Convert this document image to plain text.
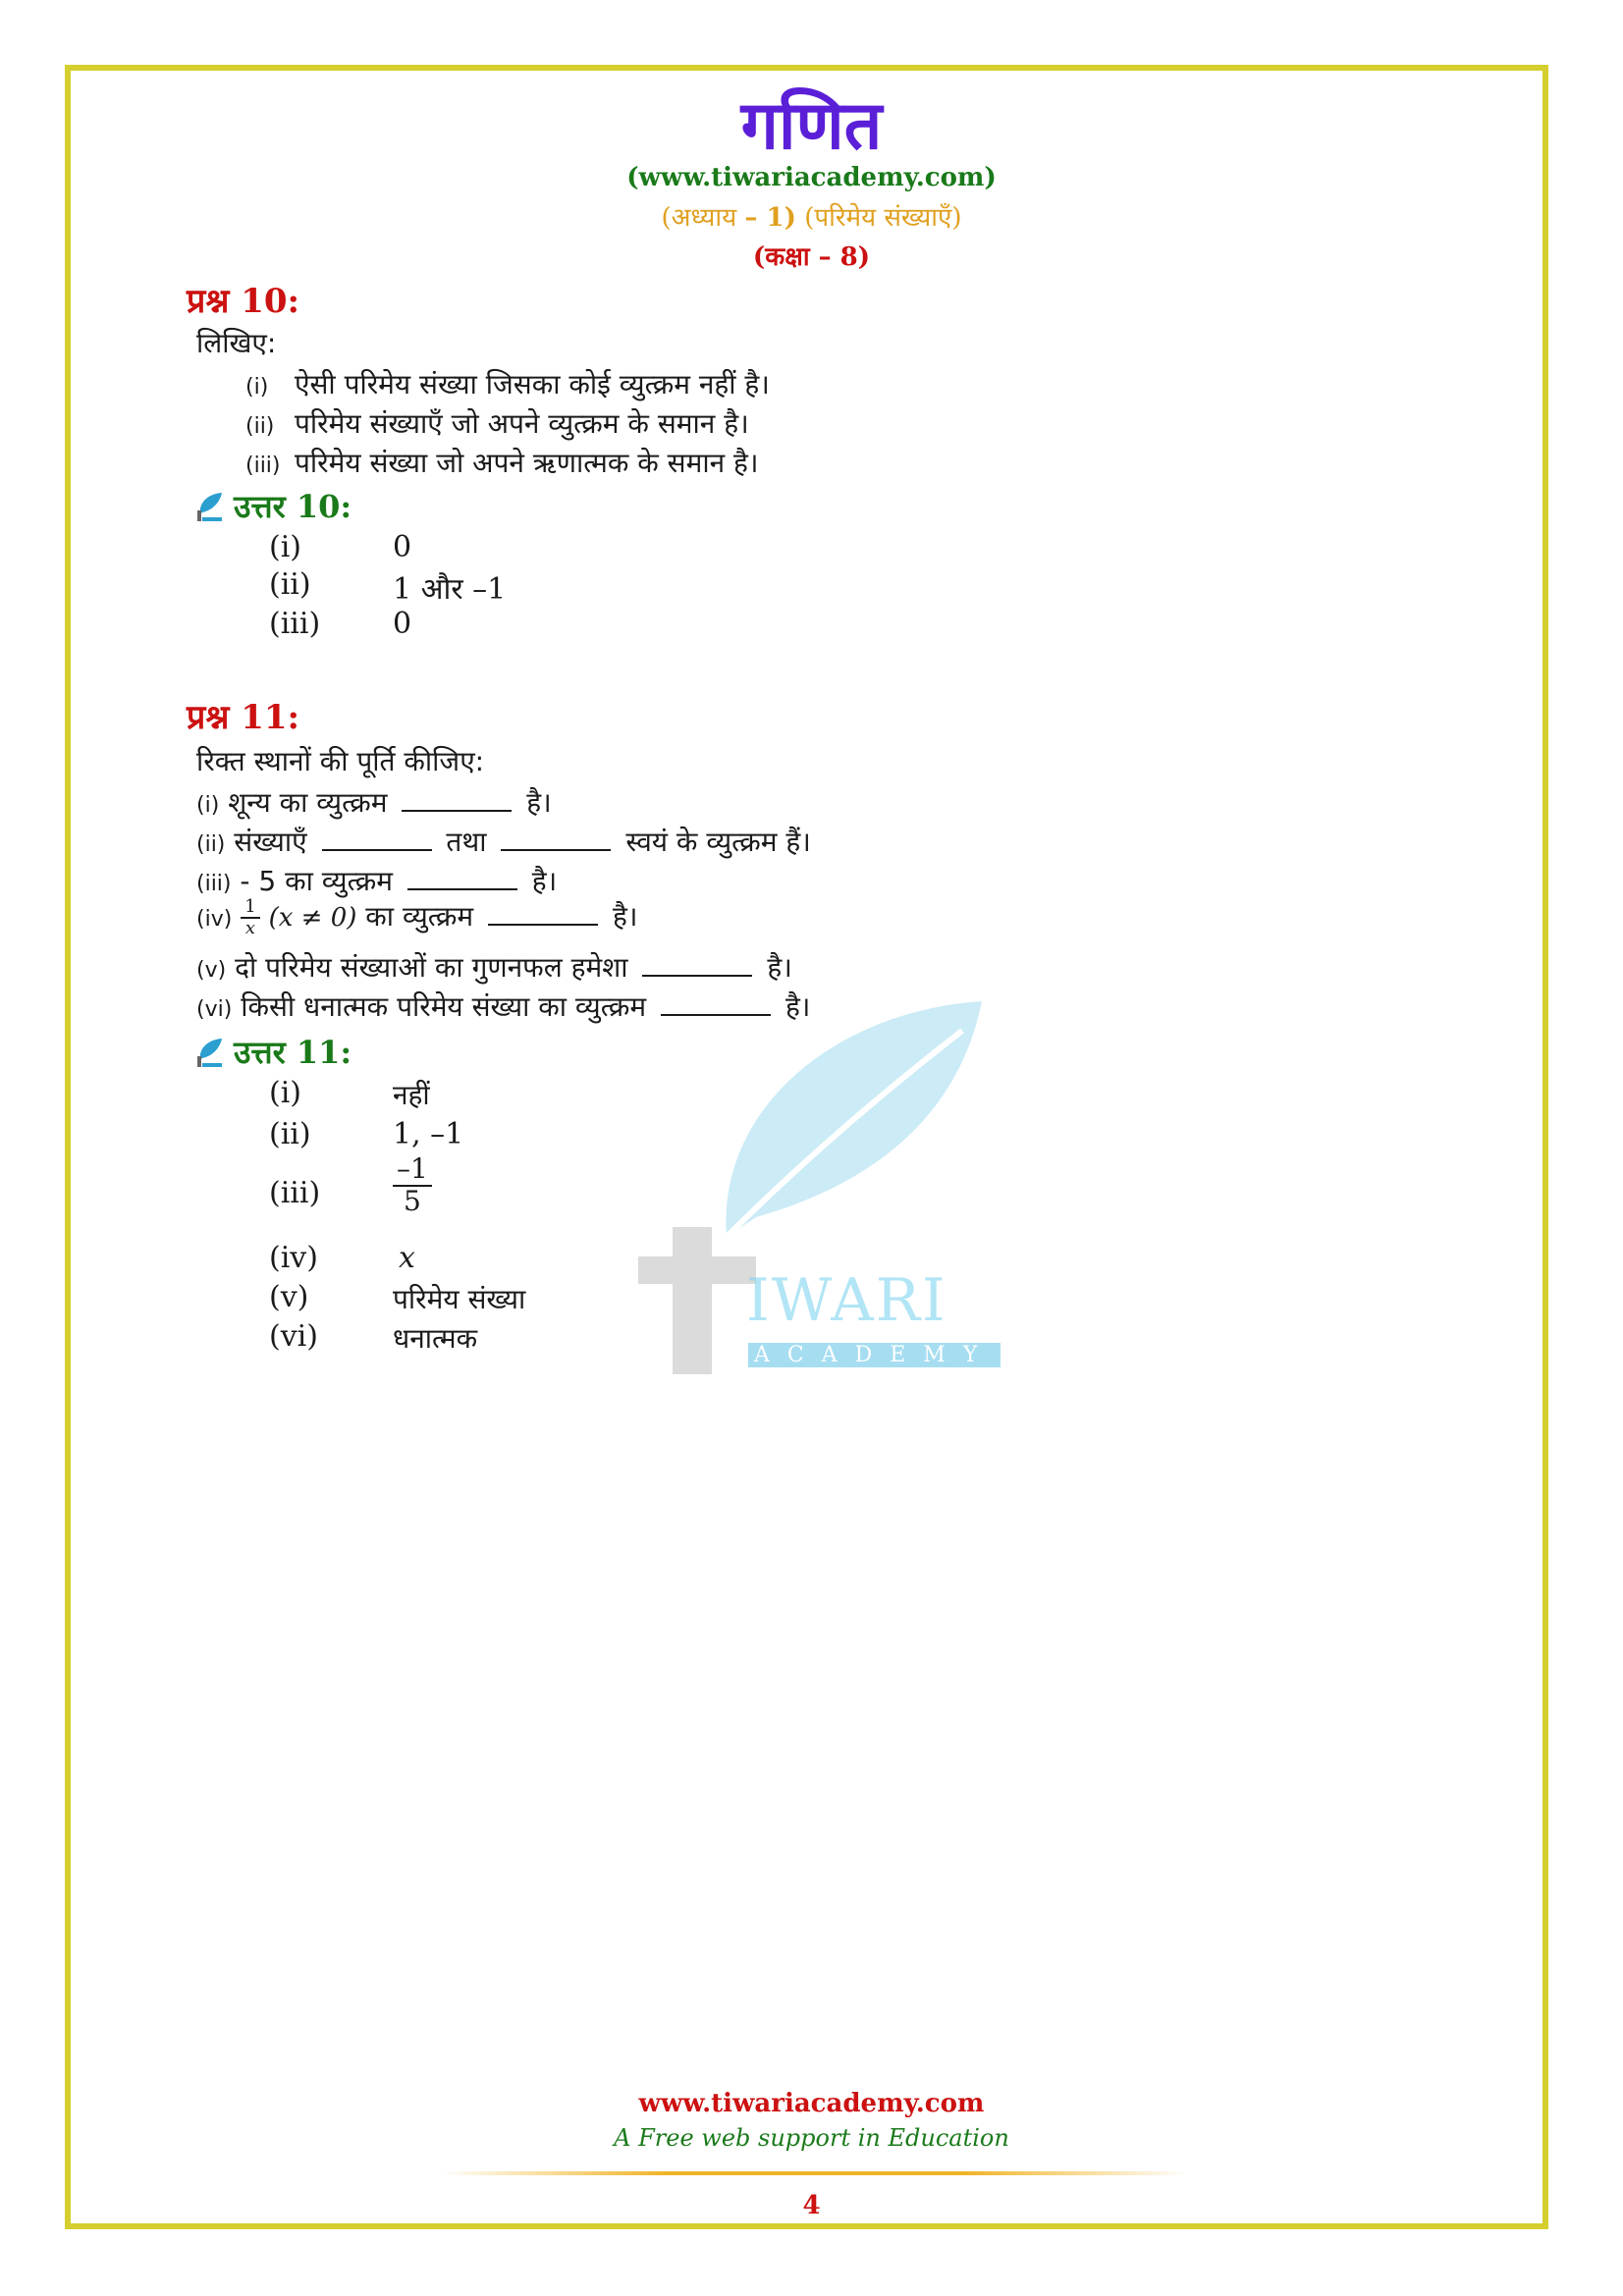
IWARI
ACADEMY
गणित
(www.tiwariacademy.com)
(अध्याय – 1) (परिमेय संख्याएँ)
(कक्षा – 8)
प्रश्न 10:
लिखिए:
(i) ऐसी परिमेय संख्या जिसका कोई व्युत्क्रम नहीं है।
(ii) परिमेय संख्याएँ जो अपने व्युत्क्रम के समान है।
(iii) परिमेय संख्या जो अपने ऋणात्मक के समान है।
उत्तर 10:
(i)	0
(ii)	1 और –1
(iii) 0
प्रश्न 11:
रिक्त स्थानों की पूर्ति कीजिए:
(i) शून्य का व्युत्क्रम	है।
(ii) संख्याएँ	तथा	स्वयं के व्युत्क्रम हैं।
(iii) - 5 का व्युत्क्रम	है।
$(iv) \frac{1}{x} (x \ne 0)$ का व्युत्क्रम	है।
(v) दो परिमेय संख्याओं का गुणनफल हमेशा	है।
(vi) किसी धनात्मक परिमेय संख्या का व्युत्क्रम	है।
उत्तर 11:
(i)	नहीं
(ii)	1, –1
(iii)	$\frac{-1}{5}$
(iv)	x
(v)	परिमेय संख्या
(vi)	धनात्मक
www.tiwariacademy.com
A Free web support in Education
4
